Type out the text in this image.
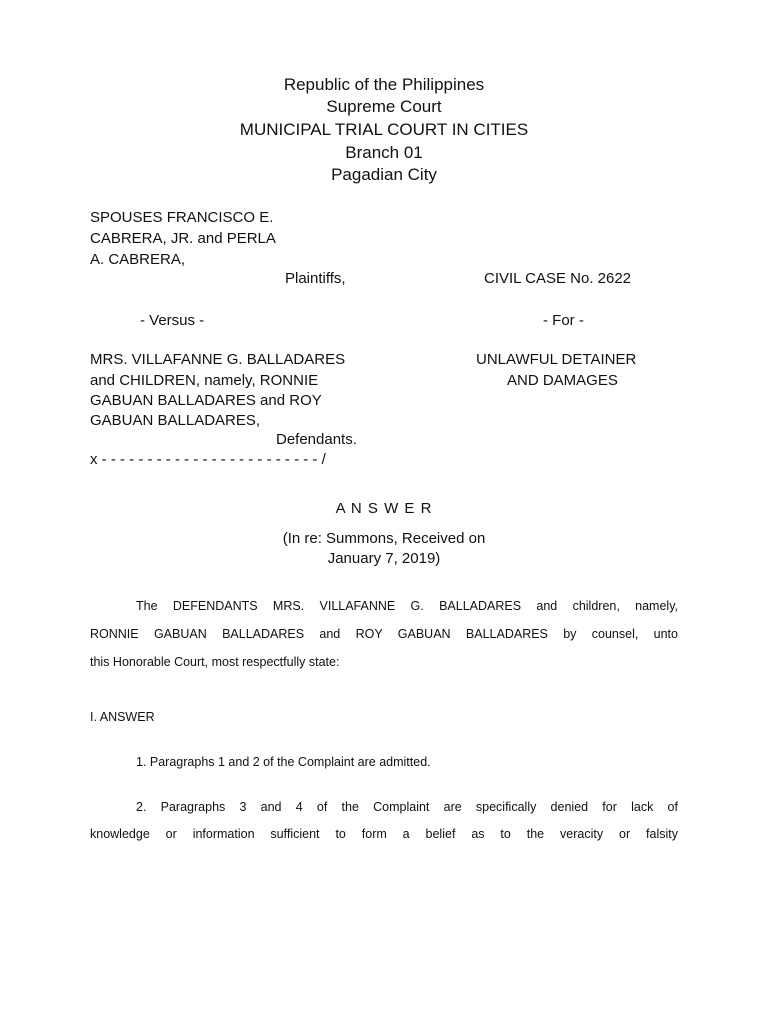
Republic of the Philippines

Supreme Court

MUNICIPAL TRIAL COURT IN CITIES

Branch 01

Pagadian City

SPOUSES FRANCISCO E.

CABRERA, JR. and PERLA

A. CABRERA,

Plaintiffs,	CIVIL CASE No. 2622

- Versus -	- For -

MRS. VILLAFANNE G. BALLADARES

and CHILDREN, namely, RONNIE

GABUAN BALLADARES and ROY

GABUAN BALLADARES,

Defendants.

x - - - - - - - - - - - - - - - - - - - - - - - - /

UNLAWFUL DETAINER

AND DAMAGES

A N S W E R

(In re: Summons, Received on

January 7, 2019)

The DEFENDANTS MRS. VILLAFANNE G. BALLADARES and children, namely,

RONNIE GABUAN BALLADARES and ROY GABUAN BALLADARES by counsel, unto

this Honorable Court, most respectfully state:

I. ANSWER

1. Paragraphs 1 and 2 of the Complaint are admitted.

2. Paragraphs 3 and 4 of the Complaint are specifically denied for lack of

knowledge or information sufficient to form a belief as to the veracity or falsity
